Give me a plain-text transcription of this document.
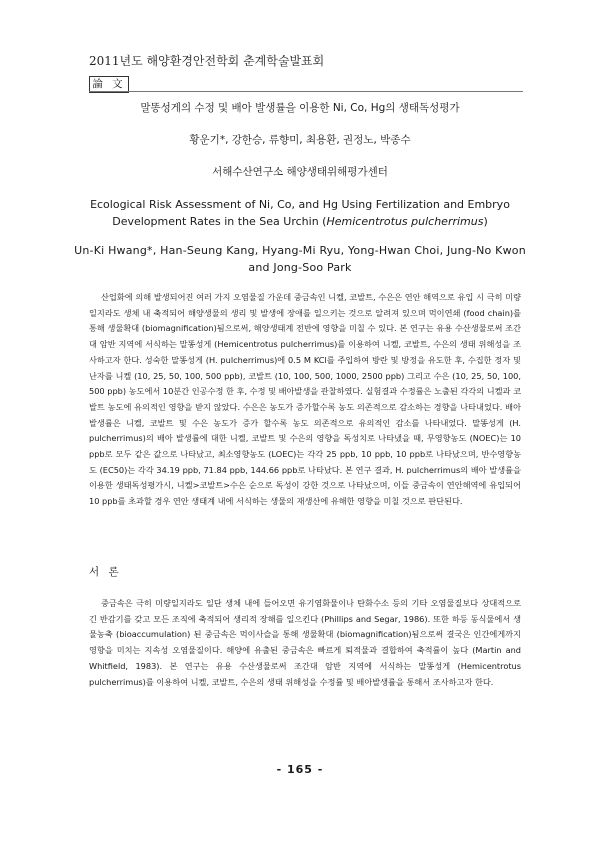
2011년도 해양환경안전학회 춘계학술발표회
論 文
말똥성게의 수정 및 배아 발생률을 이용한 Ni, Co, Hg의 생태독성평가
황운기*, 강한승, 류향미, 최용환, 권정노, 박종수
서해수산연구소 해양생태위해평가센터
Ecological Risk Assessment of Ni, Co, and Hg Using Fertilization and Embryo Development Rates in the Sea Urchin (Hemicentrotus pulcherrimus)
Un-Ki Hwang*, Han-Seung Kang, Hyang-Mi Ryu, Yong-Hwan Choi, Jung-No Kwon and Jong-Soo Park

산업화에 의해 발생되어진 여러 가지 오염물질 가운데 중금속인 니켈, 코발트, 수은은 연안 해역으로 유입 시 극히 미량일지라도 생체 내 축적되어 해양생물의 생리 및 발생에 장애를 일으키는 것으로 알려져 있으며 먹이연쇄 (food chain)를 통해 생물확대 (biomagnification)됨으로써, 해양생태계 전반에 영향을 미칠 수 있다. 본 연구는 유용 수산생물로써 조간대 암반 지역에 서식하는 말똥성게 (Hemicentrotus pulcherrimus)를 이용하여 니켈, 코발트, 수은의 생태 위해성을 조사하고자 한다. 성숙한 말똥성게 (H. pulcherrimus)에 0.5 M KCl를 주입하여 방란 및 방정을 유도한 후, 수집한 정자 및 난자를 니켈 (10, 25, 50, 100, 500 ppb), 코발트 (10, 100, 500, 1000, 2500 ppb) 그리고 수은 (10, 25, 50, 100, 500 ppb) 농도에서 10분간 인공수정 한 후, 수정 및 배아발생을 관찰하였다. 실험결과 수정률은 노출된 각각의 니켈과 코발트 농도에 유의적인 영향을 받지 않았다. 수은은 농도가 증가할수록 농도 의존적으로 감소하는 경향을 나타내었다. 배아 발생률은 니켈, 코발트 및 수은 농도가 증가 할수록 농도 의존적으로 유의적인 감소를 나타내었다. 말똥성게 (H. pulcherrimus)의 배아 발생률에 대한 니켈, 코발트 및 수은의 영향을 독성치로 나타냈을 때, 무영향농도 (NOEC)는 10 ppb로 모두 같은 값으로 나타났고, 최소영향농도 (LOEC)는 각각 25 ppb, 10 ppb, 10 ppb로 나타났으며, 반수영향농도 (EC50)는 각각 34.19 ppb, 71.84 ppb, 144.66 ppb로 나타났다. 본 연구 결과, H. pulcherrimus의 배아 발생률을 이용한 생태독성평가시, 니켈>코발트>수은 순으로 독성이 강한 것으로 나타났으며, 이들 중금속이 연안해역에 유입되어 10 ppb를 초과할 경우 연안 생태계 내에 서식하는 생물의 재생산에 유해한 영향을 미칠 것으로 판단된다.

서 론

중금속은 극히 미량일지라도 일단 생체 내에 들어오면 유기염화물이나 탄화수소 등의 기타 오염물질보다 상대적으로 긴 반감기를 갖고 모든 조직에 축적되어 생리적 장해를 일으킨다 (Phillips and Segar, 1986). 또한 하등 동식물에서 생물농축 (bioaccumulation) 된 중금속은 먹이사슬을 통해 생물확대 (biomagnification)됨으로써 결국은 인간에게까지 영향을 미치는 지속성 오염물질이다. 해양에 유출된 중금속은 빠르게 퇴적물과 결합하여 축적률이 높다 (Martin and Whitfield, 1983). 본 연구는 유용 수산생물로써 조간대 암반 지역에 서식하는 말똥성게 (Hemicentrotus pulcherrimus)를 이용하여 니켈, 코발트, 수은의 생태 위해성을 수정률 및 배아발생률을 통해서 조사하고자 한다.

- 165 -
